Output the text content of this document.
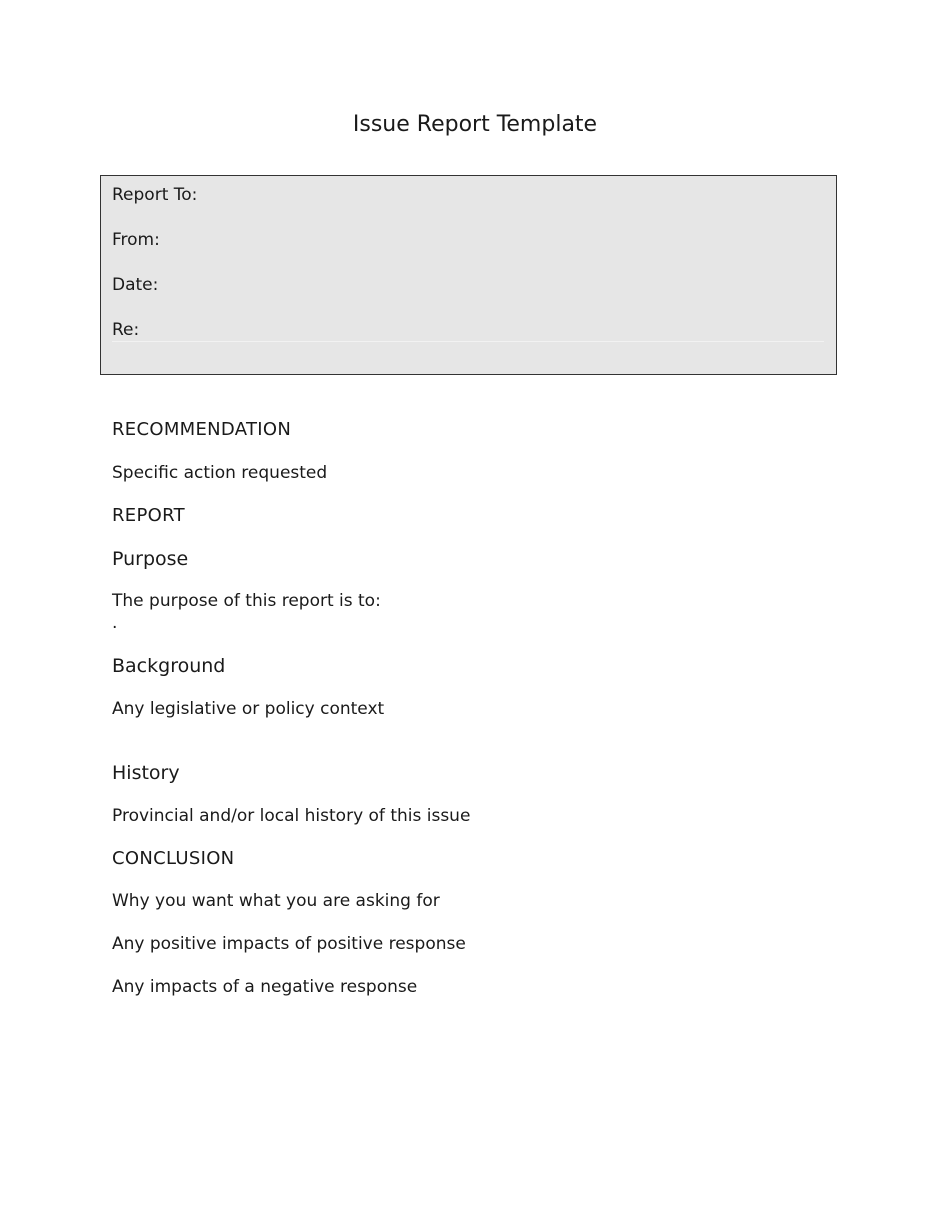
Issue Report Template
Report To:
From:
Date:
Re:
RECOMMENDATION
Specific action requested
REPORT
Purpose
The purpose of this report is to:
.
Background
Any legislative or policy context
History
Provincial and/or local history of this issue
CONCLUSION
Why you want what you are asking for
Any positive impacts of positive response
Any impacts of a negative response
